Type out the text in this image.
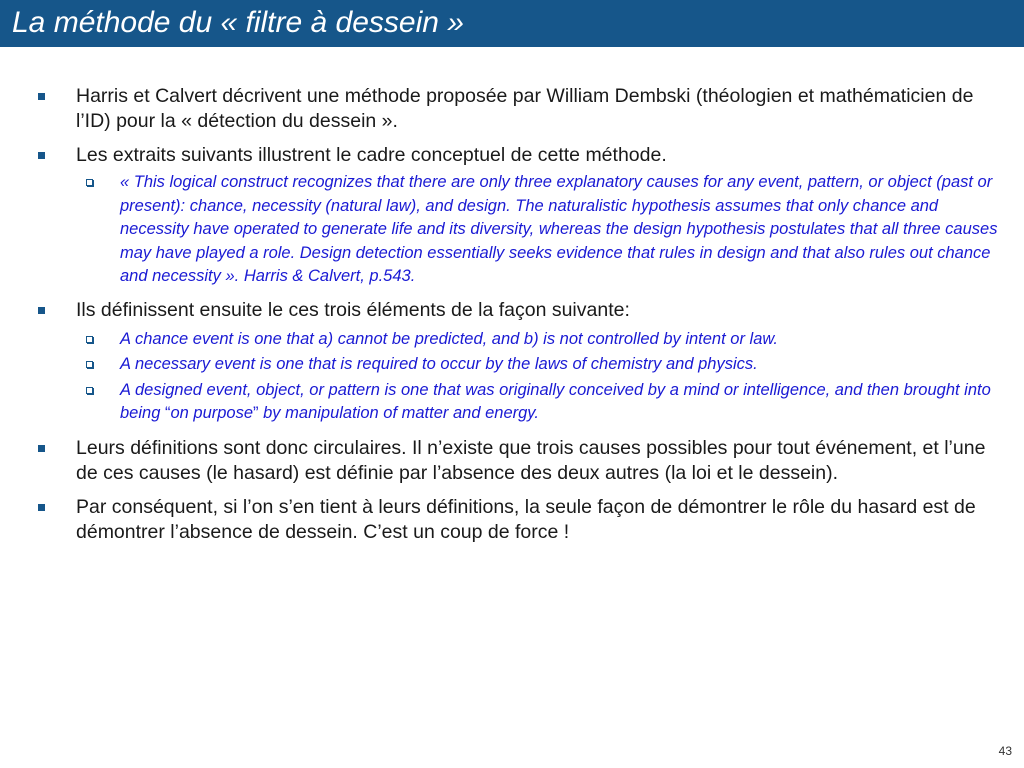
La méthode du « filtre à dessein »
Harris et Calvert décrivent une méthode proposée par William Dembski (théologien et mathématicien de l’ID) pour la « détection du dessein ».
Les extraits suivants illustrent le cadre conceptuel de cette méthode.
« This logical construct recognizes that there are only three explanatory causes for any event, pattern, or object (past or present): chance, necessity (natural law), and design. The naturalistic hypothesis assumes that only chance and necessity have operated to generate life and its diversity, whereas the design hypothesis postulates that all three causes may have played a role. Design detection essentially seeks evidence that rules in design and that also rules out chance and necessity ». Harris & Calvert, p.543.
Ils définissent ensuite le ces trois éléments de la façon suivante:
A chance event is one that a) cannot be predicted, and b) is not controlled by intent or law.
A necessary event is one that is required to occur by the laws of chemistry and physics.
A designed event, object, or pattern is one that was originally conceived by a mind or intelligence, and then brought into being “on purpose” by manipulation of matter and energy.
Leurs définitions sont donc circulaires. Il n’existe que trois causes possibles pour tout événement, et l’une de ces causes (le hasard) est définie par l’absence des deux autres (la loi et le dessein).
Par conséquent, si l’on s’en tient à leurs définitions, la seule façon de démontrer le rôle du hasard est de démontrer l’absence de dessein. C’est un coup de force !
43
